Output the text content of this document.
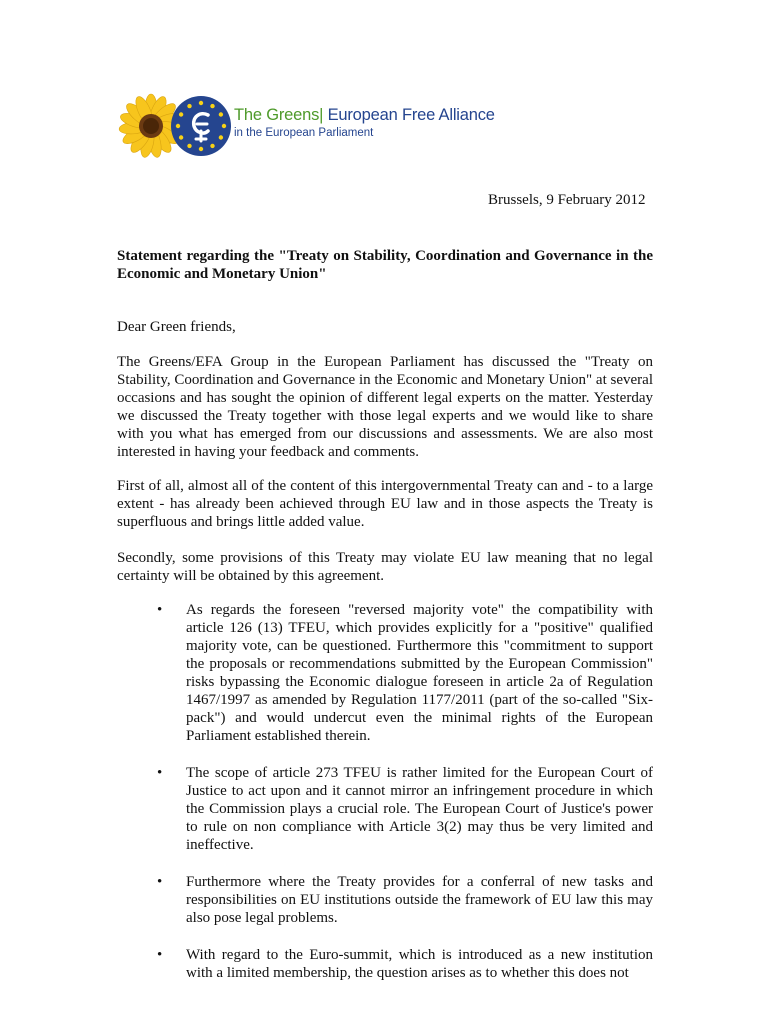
The Greens| European Free Alliance
in the European Parliament
Brussels, 9 February 2012

Statement regarding the "Treaty on Stability, Coordination and Governance in the Economic and Monetary Union"

Dear Green friends,

The Greens/EFA Group in the European Parliament has discussed the "Treaty on Stability, Coordination and Governance in the Economic and Monetary Union" at several occasions and has sought the opinion of different legal experts on the matter. Yesterday we discussed the Treaty together with those legal experts and we would like to share with you what has emerged from our discussions and assessments. We are also most interested in having your feedback and comments.

First of all, almost all of the content of this intergovernmental Treaty can and - to a large extent - has already been achieved through EU law and in those aspects the Treaty is superfluous and brings little added value.

Secondly, some provisions of this Treaty may violate EU law meaning that no legal certainty will be obtained by this agreement.

• As regards the foreseen "reversed majority vote" the compatibility with article 126 (13) TFEU, which provides explicitly for a "positive" qualified majority vote, can be questioned. Furthermore this "commitment to support the proposals or recommendations submitted by the European Commission" risks bypassing the Economic dialogue foreseen in article 2a of Regulation 1467/1997 as amended by Regulation 1177/2011 (part of the so-called "Six-pack") and would undercut even the minimal rights of the European Parliament established therein.
• The scope of article 273 TFEU is rather limited for the European Court of Justice to act upon and it cannot mirror an infringement procedure in which the Commission plays a crucial role. The European Court of Justice's power to rule on non compliance with Article 3(2) may thus be very limited and ineffective.
• Furthermore where the Treaty provides for a conferral of new tasks and responsibilities on EU institutions outside the framework of EU law this may also pose legal problems.
• With regard to the Euro-summit, which is introduced as a new institution with a limited membership, the question arises as to whether this does not
